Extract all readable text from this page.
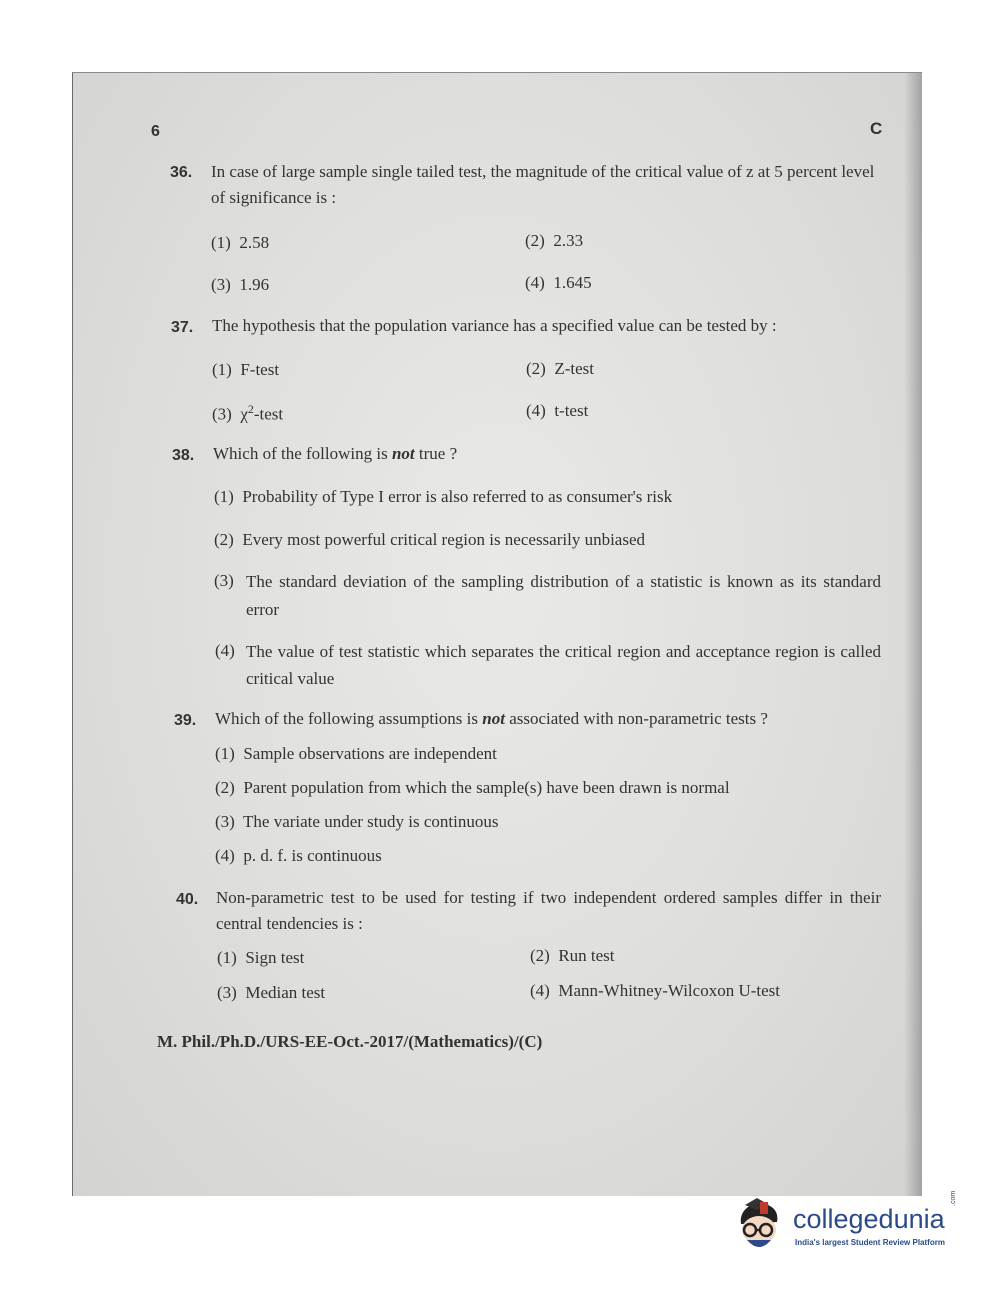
6	C
36. In case of large sample single tailed test, the magnitude of the critical value of z at 5 percent level of significance is :
(1) 2.58	(2) 2.33
(3) 1.96	(4) 1.645
37. The hypothesis that the population variance has a specified value can be tested by :
(1) F-test	(2) Z-test
(3) $\chi^2$-test	(4) t-test
38. Which of the following is not true ?
(1) Probability of Type I error is also referred to as consumer's risk
(2) Every most powerful critical region is necessarily unbiased
(3) The standard deviation of the sampling distribution of a statistic is known as its standard error
(4) The value of test statistic which separates the critical region and acceptance region is called critical value
39. Which of the following assumptions is not associated with non-parametric tests ?
(1) Sample observations are independent
(2) Parent population from which the sample(s) have been drawn is normal
(3) The variate under study is continuous
(4) p. d. f. is continuous
40. Non-parametric test to be used for testing if two independent ordered samples differ in their central tendencies is :
(1) Sign test	(2) Run test
(3) Median test	(4) Mann-Whitney-Wilcoxon U-test
M. Phil./Ph.D./URS-EE-Oct.-2017/(Mathematics)/(C)
collegedunia
.com
India's largest Student Review Platform
